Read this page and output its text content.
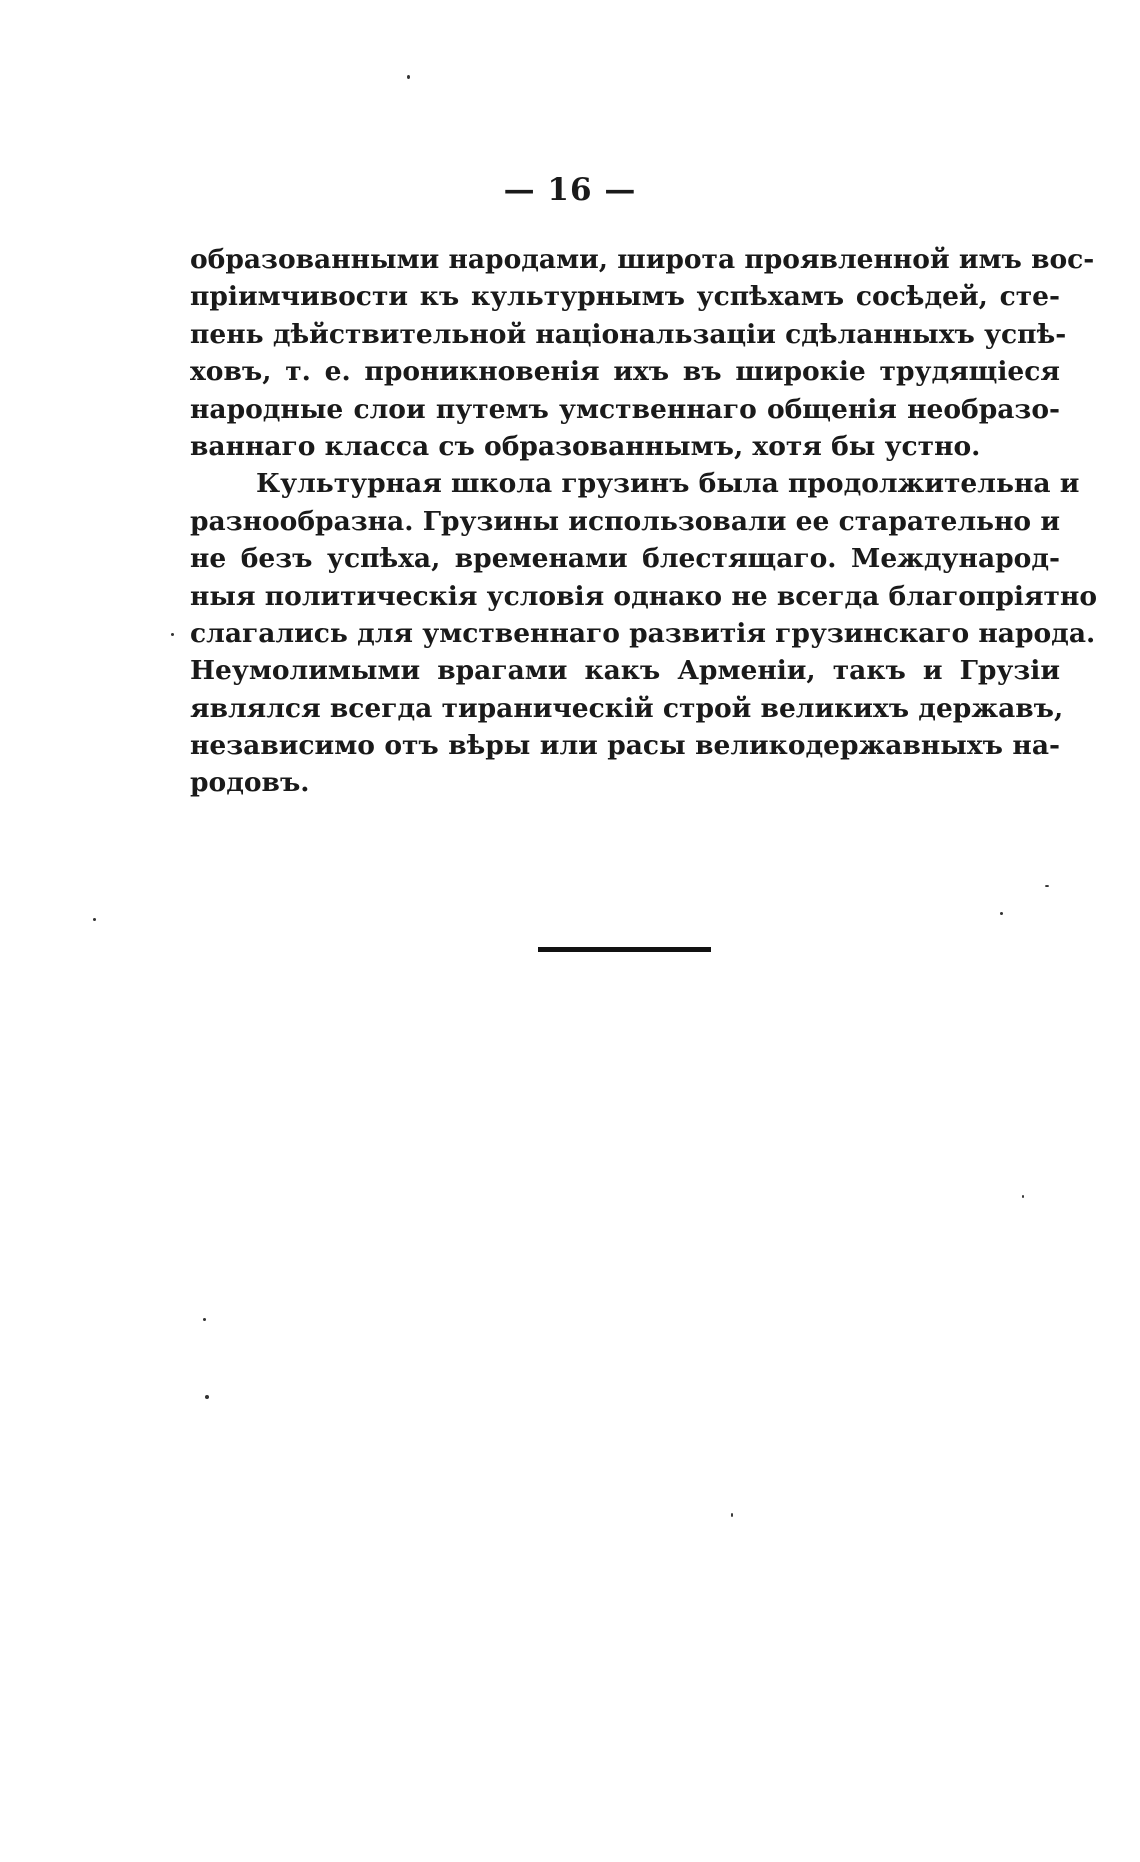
— 16 —
образованными народами, широта проявленной имъ вос-
пріимчивости къ культурнымъ успѣхамъ сосѣдей, сте-
пень дѣйствительной національзаціи сдѣланныхъ успѣ-
ховъ, т. е. проникновенія ихъ въ широкіе трудящіеся
народные слои путемъ умственнаго общенія необразо-
ваннаго класса съ образованнымъ, хотя бы устно.
Культурная школа грузинъ была продолжительна и
разнообразна. Грузины использовали ее старательно и
не безъ успѣха, временами блестящаго. Международ-
ныя политическія условія однако не всегда благопріятно
слагались для умственнаго развитія грузинскаго народа.
Неумолимыми врагами какъ Арменіи, такъ и Грузіи
являлся всегда тираническій строй великихъ державъ,
независимо отъ вѣры или расы великодержавныхъ на-
родовъ.
